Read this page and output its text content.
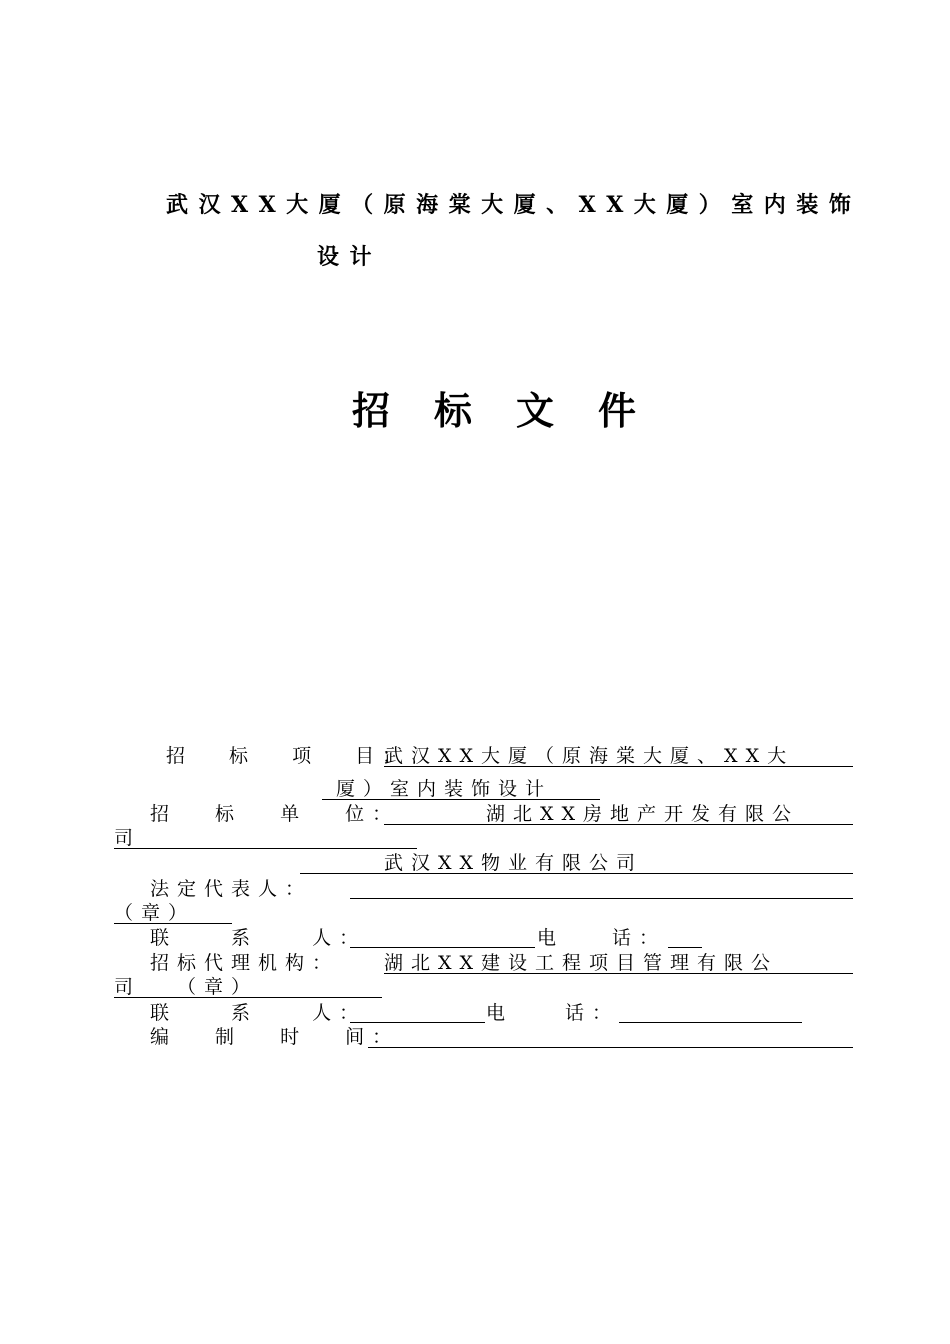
武汉XX大厦（原海棠大厦、XX大厦）室内装饰
设计
招标文件
招 标 项 目：
武汉XX大厦（原海棠大厦、XX大
厦）室内装饰设计
招 标 单 位：	湖北XX房地产开发有限公
司
武汉XX物业有限公司
法定代表人：
（章）
联 系 人：	电 话：
招标代理机构： 湖北XX建设工程项目管理有限公
司 （章）
联 系 人：	电 话：
编 制 时 间：
